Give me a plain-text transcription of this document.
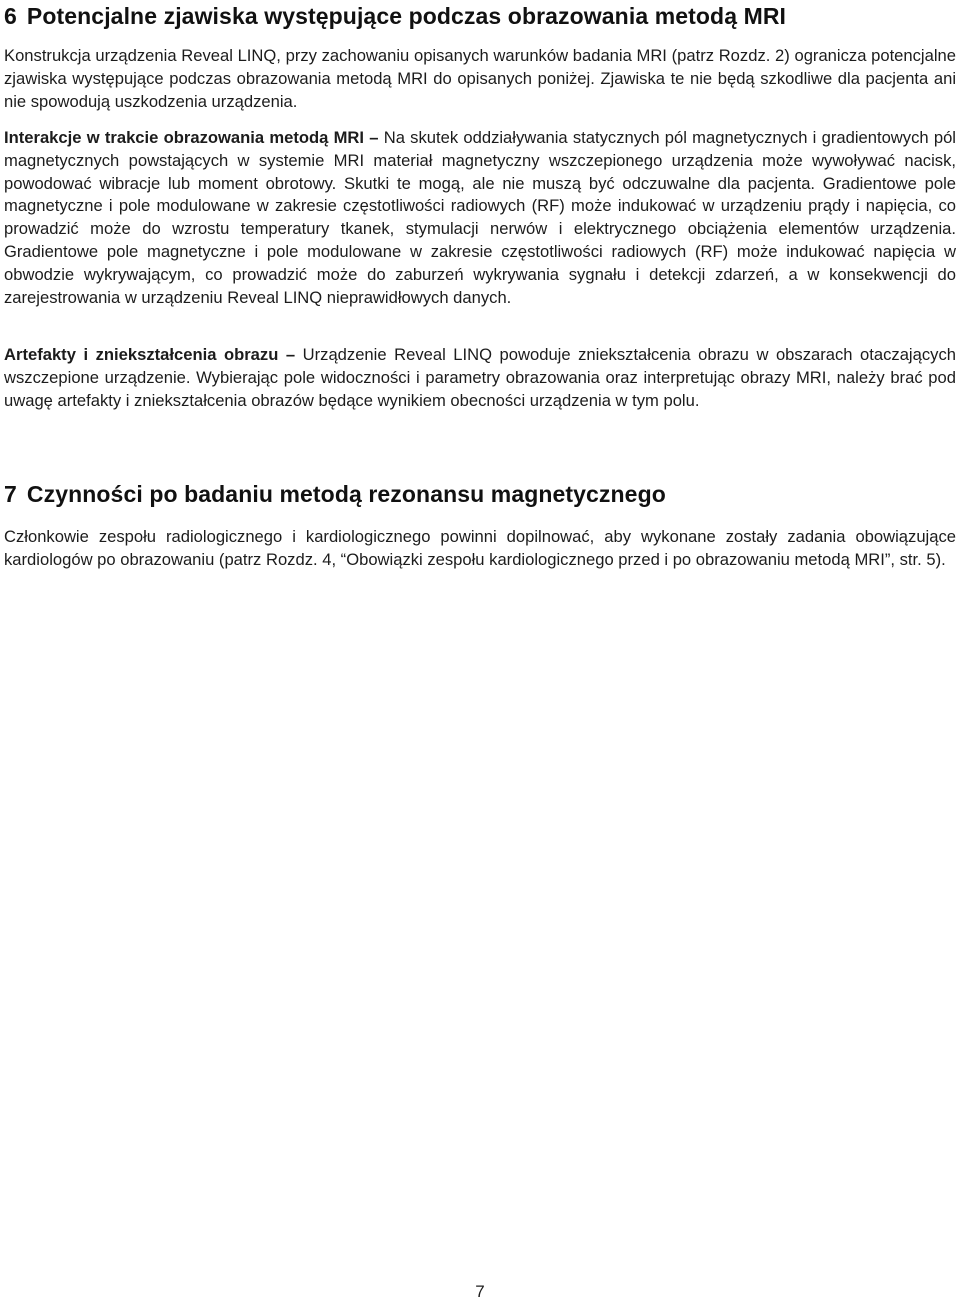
6 Potencjalne zjawiska występujące podczas obrazowania metodą MRI

Konstrukcja urządzenia Reveal LINQ, przy zachowaniu opisanych warunków badania MRI (patrz Rozdz. 2) ogranicza potencjalne zjawiska występujące podczas obrazowania metodą MRI do opisanych poniżej. Zjawiska te nie będą szkodliwe dla pacjenta ani nie spowodują uszkodzenia urządzenia.

Interakcje w trakcie obrazowania metodą MRI – Na skutek oddziaływania statycznych pól magnetycznych i gradientowych pól magnetycznych powstających w systemie MRI materiał magnetyczny wszczepionego urządzenia może wywoływać nacisk, powodować wibracje lub moment obrotowy. Skutki te mogą, ale nie muszą być odczuwalne dla pacjenta. Gradientowe pole magnetyczne i pole modulowane w zakresie częstotliwości radiowych (RF) może indukować w urządzeniu prądy i napięcia, co prowadzić może do wzrostu temperatury tkanek, stymulacji nerwów i elektrycznego obciążenia elementów urządzenia. Gradientowe pole magnetyczne i pole modulowane w zakresie częstotliwości radiowych (RF) może indukować napięcia w obwodzie wykrywającym, co prowadzić może do zaburzeń wykrywania sygnału i detekcji zdarzeń, a w konsekwencji do zarejestrowania w urządzeniu Reveal LINQ nieprawidłowych danych.

Artefakty i zniekształcenia obrazu – Urządzenie Reveal LINQ powoduje zniekształcenia obrazu w obszarach otaczających wszczepione urządzenie. Wybierając pole widoczności i parametry obrazowania oraz interpretując obrazy MRI, należy brać pod uwagę artefakty i zniekształcenia obrazów będące wynikiem obecności urządzenia w tym polu.

7 Czynności po badaniu metodą rezonansu magnetycznego

Członkowie zespołu radiologicznego i kardiologicznego powinni dopilnować, aby wykonane zostały zadania obowiązujące kardiologów po obrazowaniu (patrz Rozdz. 4, “Obowiązki zespołu kardiologicznego przed i po obrazowaniu metodą MRI”, str. 5).

7
